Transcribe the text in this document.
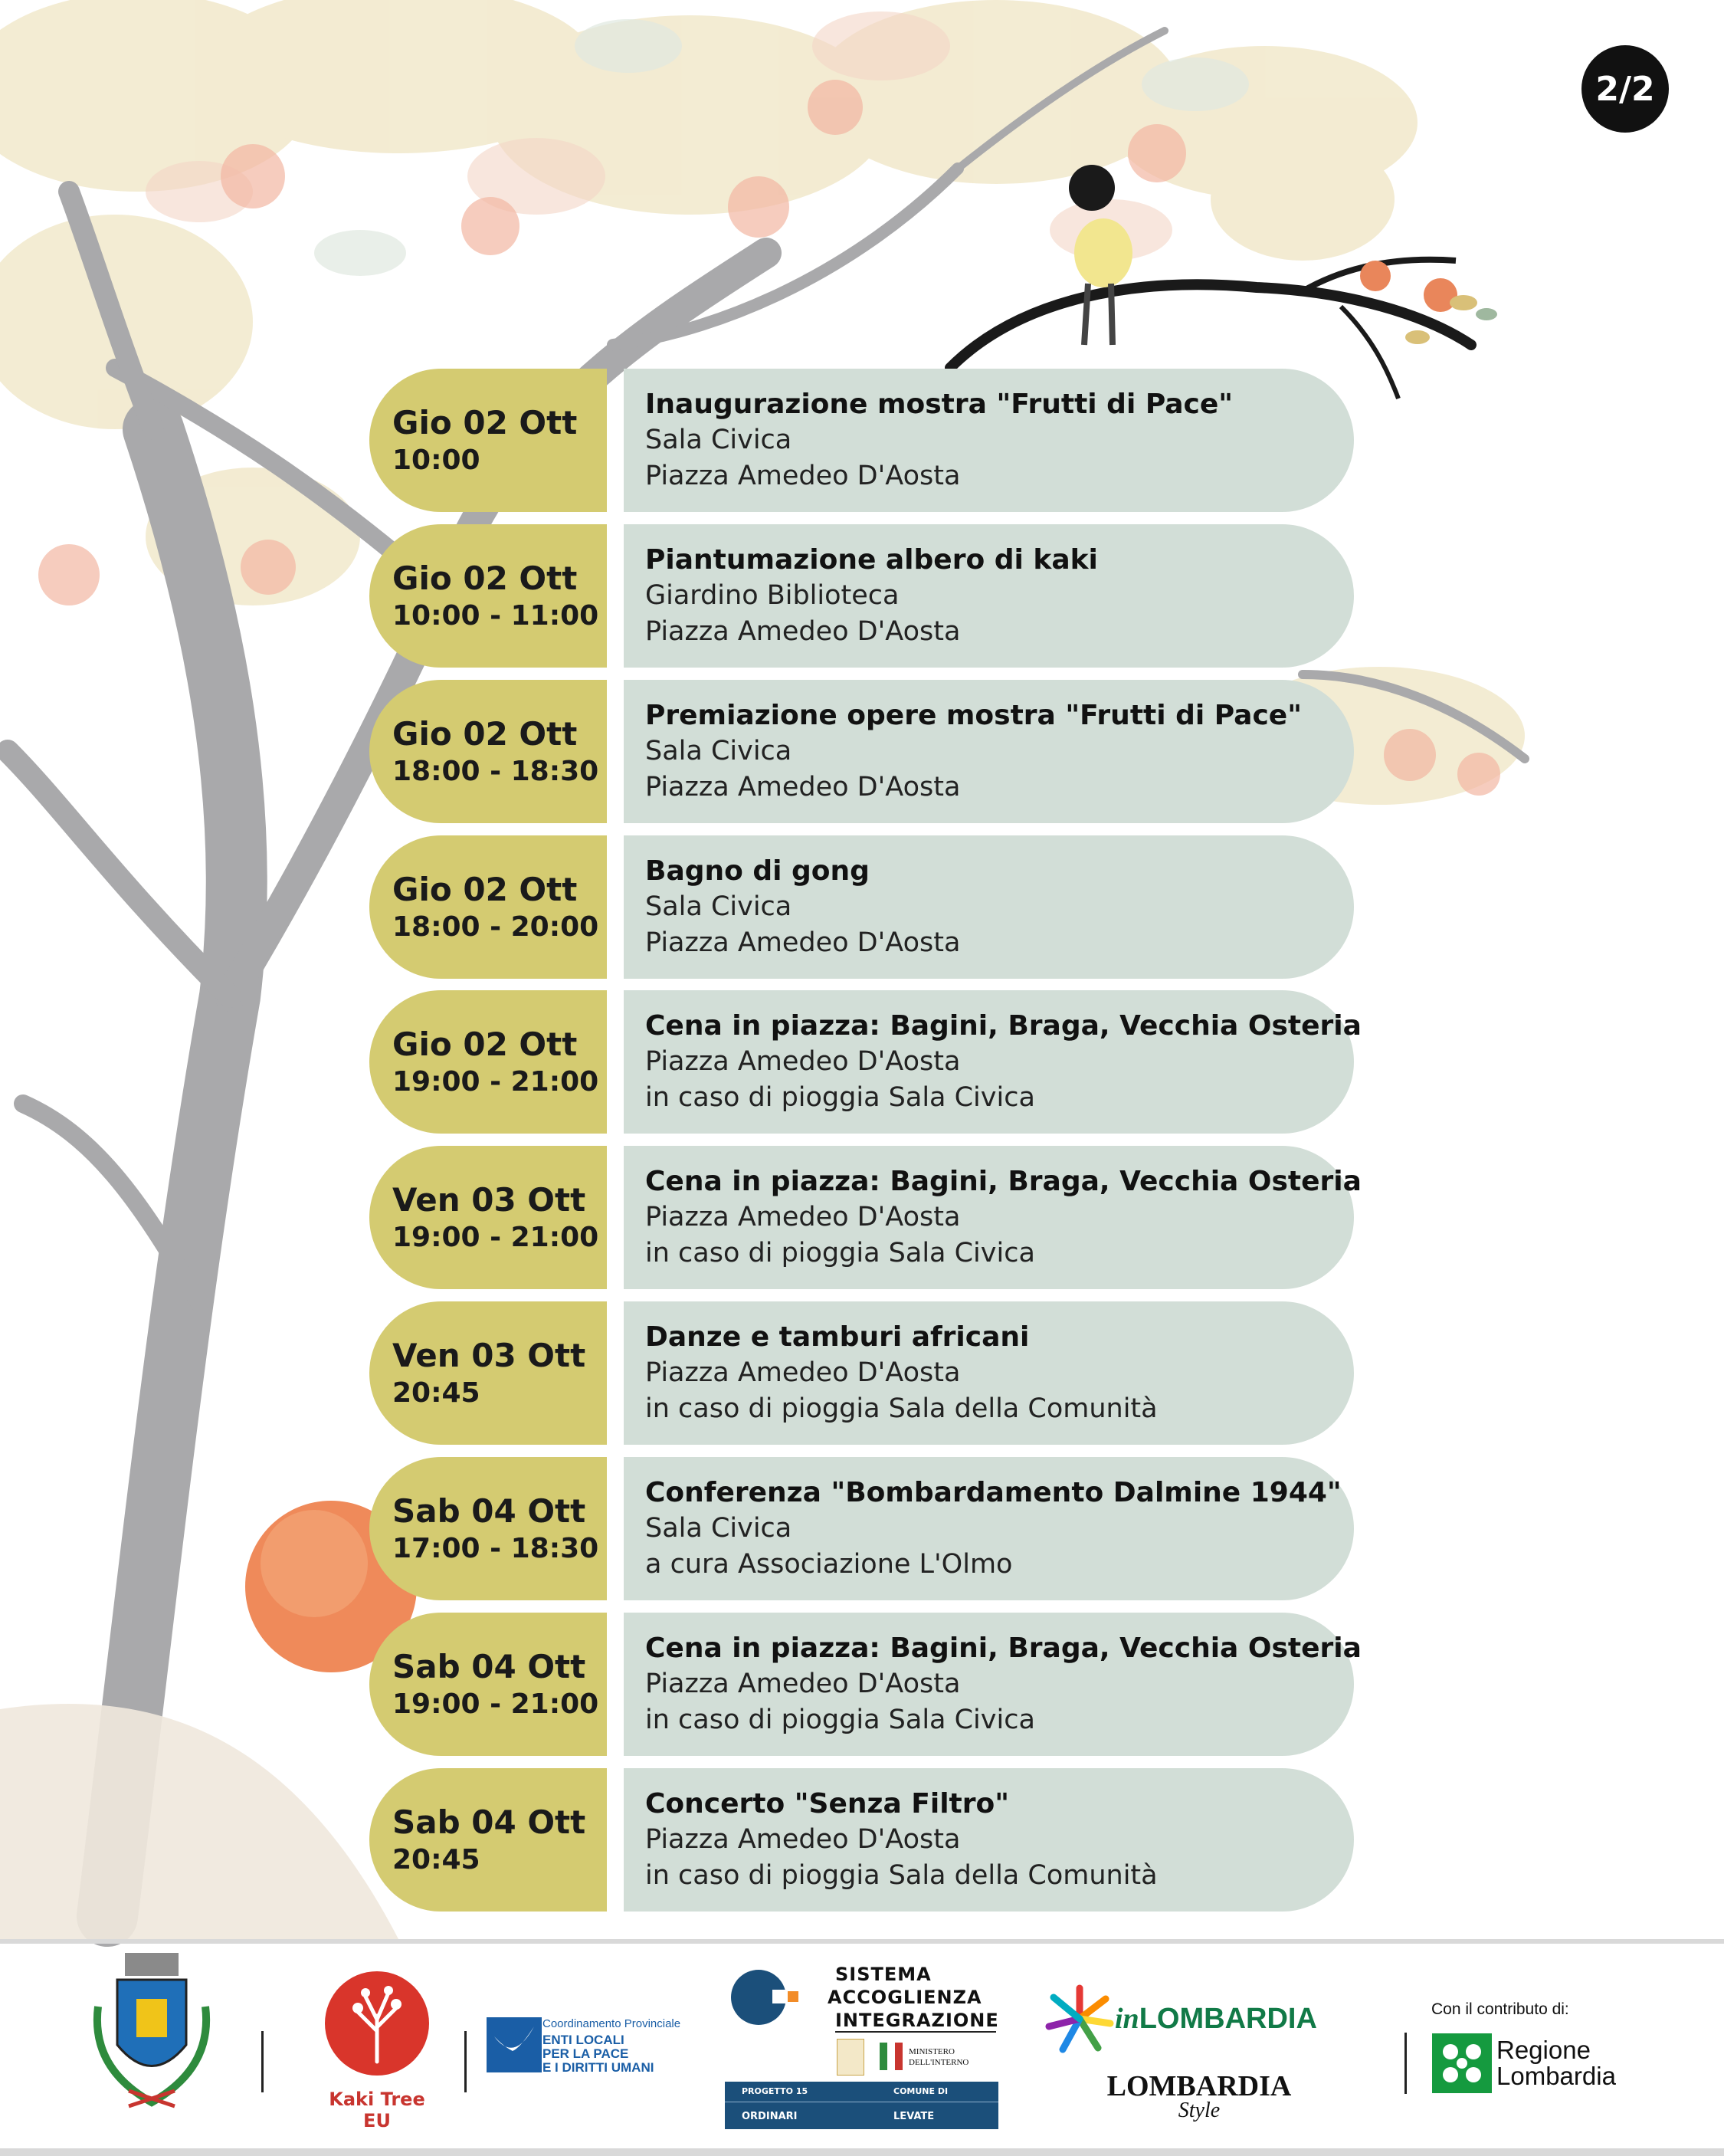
2/2
Gio 02 Ott
10:00
Inaugurazione mostra "Frutti di Pace"
Sala Civica
Piazza Amedeo D'Aosta
Gio 02 Ott
10:00 - 11:00
Piantumazione albero di kaki
Giardino Biblioteca
Piazza Amedeo D'Aosta
Gio 02 Ott
18:00 - 18:30
Premiazione opere mostra "Frutti di Pace"
Sala Civica
Piazza Amedeo D'Aosta
Gio 02 Ott
18:00 - 20:00
Bagno di gong
Sala Civica
Piazza Amedeo D'Aosta
Gio 02 Ott
19:00 - 21:00
Cena in piazza: Bagini, Braga, Vecchia Osteria
Piazza Amedeo D'Aosta
in caso di pioggia Sala Civica
Ven 03 Ott
19:00 - 21:00
Cena in piazza: Bagini, Braga, Vecchia Osteria
Piazza Amedeo D'Aosta
in caso di pioggia Sala Civica
Ven 03 Ott
20:45
Danze e tamburi africani
Piazza Amedeo D'Aosta
in caso di pioggia Sala della Comunità
Sab 04 Ott
17:00 - 18:30
Conferenza "Bombardamento Dalmine 1944"
Sala Civica
a cura Associazione L'Olmo
Sab 04 Ott
19:00 - 21:00
Cena in piazza: Bagini, Braga, Vecchia Osteria
Piazza Amedeo D'Aosta
in caso di pioggia Sala Civica
Sab 04 Ott
20:45
Concerto "Senza Filtro"
Piazza Amedeo D'Aosta
in caso di pioggia Sala della Comunità
Kaki Tree EU
Coordinamento Provinciale
ENTI LOCALI
PER LA PACE
E I DIRITTI UMANI
SISTEMA
ACCOGLIENZA
INTEGRAZIONE
MINISTERO DELL'INTERNO
PROGETTO 15	COMUNE DI
ORDINARI	LEVATE
inLOMBARDIA
LOMBARDIA
Style
Con il contributo di:
Regione
Lombardia
